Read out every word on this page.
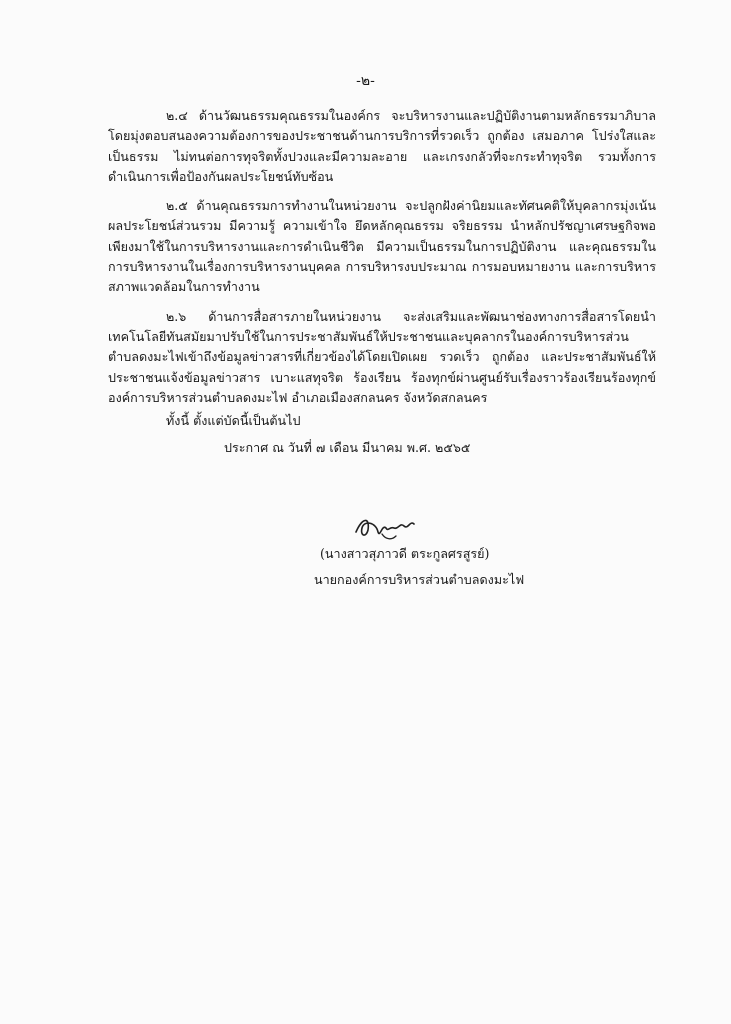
-๒-

๒.๔ ด้านวัฒนธรรมคุณธรรมในองค์กร จะบริหารงานและปฏิบัติงานตามหลักธรรมาภิบาล โดยมุ่งตอบสนองความต้องการของประชาชนด้านการบริการที่รวดเร็ว ถูกต้อง เสมอภาค โปร่งใสและเป็นธรรม ไม่ทนต่อการทุจริตทั้งปวงและมีความละอาย และเกรงกลัวที่จะกระทำทุจริต รวมทั้งการดำเนินการเพื่อป้องกันผลประโยชน์ทับซ้อน

๒.๕ ด้านคุณธรรมการทำงานในหน่วยงาน จะปลูกฝังค่านิยมและทัศนคติให้บุคลากรมุ่งเน้นผลประโยชน์ส่วนรวม มีความรู้ ความเข้าใจ ยึดหลักคุณธรรม จริยธรรม นำหลักปรัชญาเศรษฐกิจพอเพียงมาใช้ในการบริหารงานและการดำเนินชีวิต มีความเป็นธรรมในการปฏิบัติงาน และคุณธรรมในการบริหารงานในเรื่องการบริหารงานบุคคล การบริหารงบประมาณ การมอบหมายงาน และการบริหารสภาพแวดล้อมในการทำงาน

๒.๖ ด้านการสื่อสารภายในหน่วยงาน จะส่งเสริมและพัฒนาช่องทางการสื่อสารโดยนำเทคโนโลยีทันสมัยมาปรับใช้ในการประชาสัมพันธ์ให้ประชาชนและบุคลากรในองค์การบริหารส่วนตำบลดงมะไฟเข้าถึงข้อมูลข่าวสารที่เกี่ยวข้องได้โดยเปิดเผย รวดเร็ว ถูกต้อง และประชาสัมพันธ์ให้ประชาชนแจ้งข้อมูลข่าวสาร เบาะแสทุจริต ร้องเรียน ร้องทุกข์ผ่านศูนย์รับเรื่องราวร้องเรียนร้องทุกข์องค์การบริหารส่วนตำบลดงมะไฟ อำเภอเมืองสกลนคร จังหวัดสกลนคร

ทั้งนี้ ตั้งแต่บัดนี้เป็นต้นไป
ประกาศ ณ วันที่ ๗ เดือน มีนาคม พ.ศ. ๒๕๖๕
(นางสาวสุภาวดี ตระกูลศรสูรย์)
นายกองค์การบริหารส่วนตำบลดงมะไฟ
